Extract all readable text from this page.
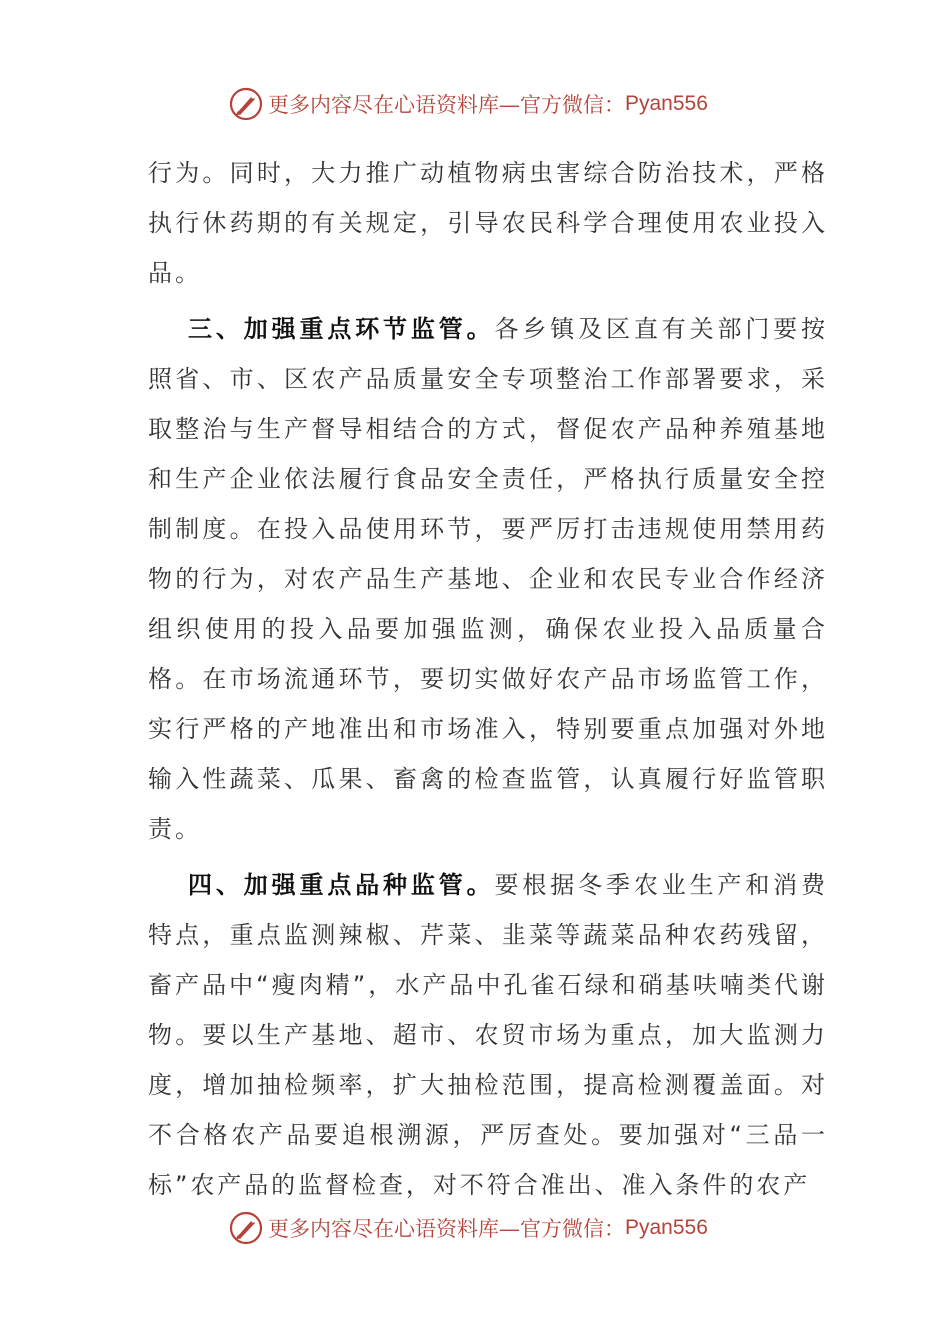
更多内容尽在心语资料库 —官方微信： Pyan556

行为。同时，大力推广动植物病虫害综合防治技术，严格执行休药期的有关规定，引导农民科学合理使用农业投入品。

三、加强重点环节监管。各乡镇及区直有关部门要按照省、市、区农产品质量安全专项整治工作部署要求，采取整治与生产督导相结合的方式，督促农产品种养殖基地和生产企业依法履行食品安全责任，严格执行质量安全控制制度。在投入品使用环节，要严厉打击违规使用禁用药物的行为，对农产品生产基地、企业和农民专业合作经济组织使用的投入品要加强监测，确保农业投入品质量合格。在市场流通环节，要切实做好农产品市场监管工作，实行严格的产地准出和市场准入，特别要重点加强对外地输入性蔬菜、瓜果、畜禽的检查监管，认真履行好监管职责。

四、加强重点品种监管。要根据冬季农业生产和消费特点，重点监测辣椒、芹菜、韭菜等蔬菜品种农药残留，畜产品中“瘦肉精”，水产品中孔雀石绿和硝基呋喃类代谢物。要以生产基地、超市、农贸市场为重点，加大监测力度，增加抽检频率，扩大抽检范围，提高检测覆盖面。对不合格农产品要追根溯源，严厉查处。要加强对“三品一标”农产品的监督检查，对不符合准出、准入条件的农产

更多内容尽在心语资料库 —官方微信： Pyan556
